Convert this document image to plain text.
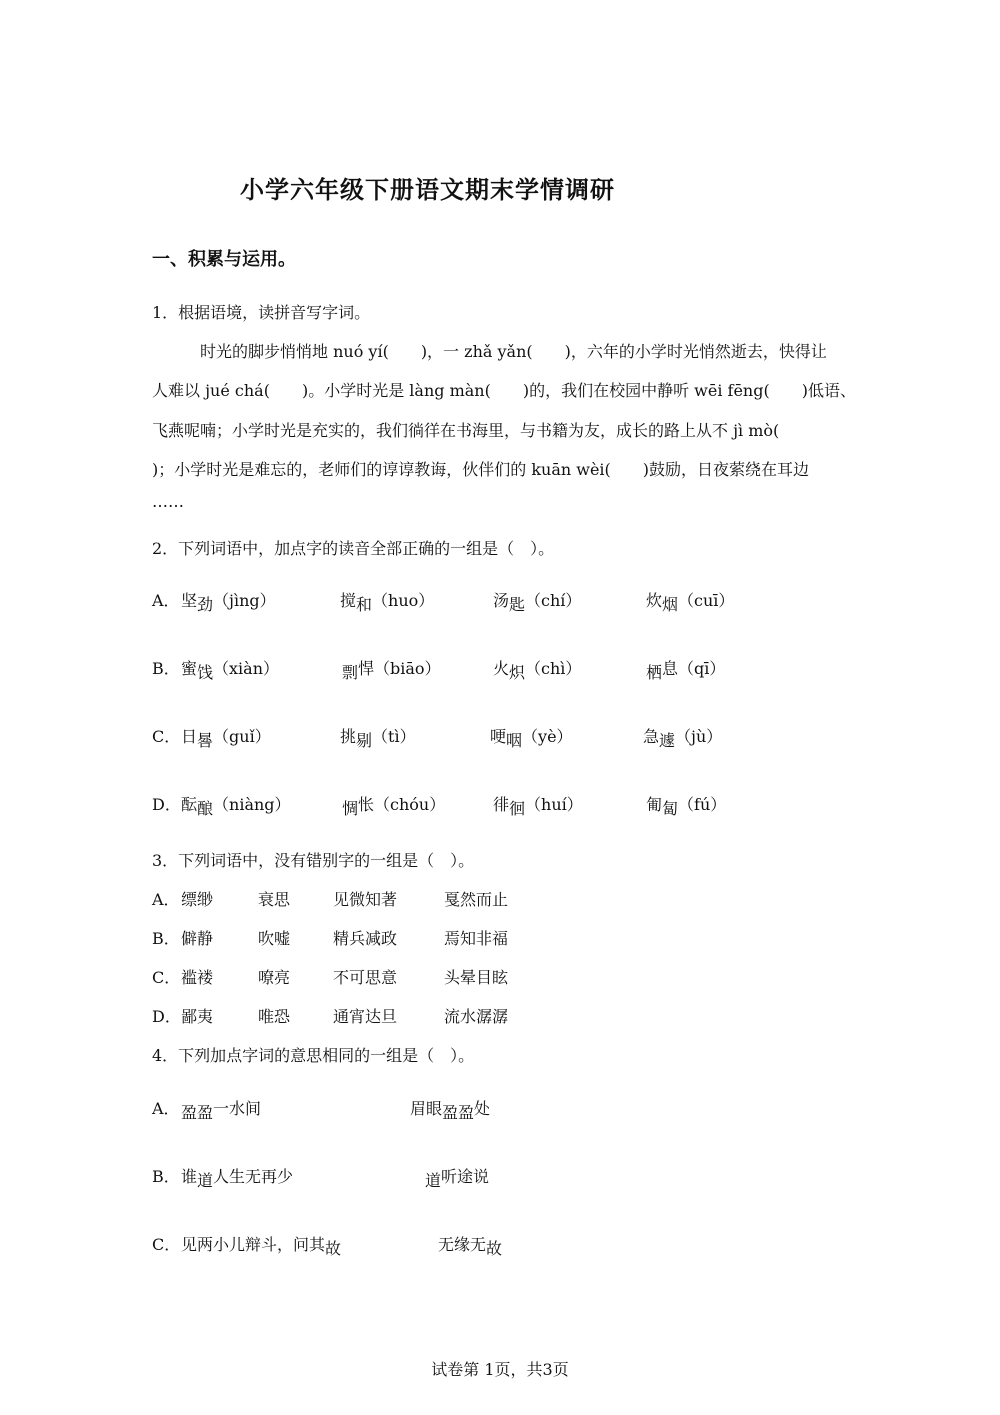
小学六年级下册语文期末学情调研
一、积累与运用。
1．根据语境，读拼音写字词。
时光的脚步悄悄地 nuó yí(　　)，一 zhǎ yǎn(　　)，六年的小学时光悄然逝去，快得让
人难以 jué chá(　　)。小学时光是 làng màn(　　)的，我们在校园中静听 wēi fēng(　　)低语、
飞燕呢喃；小学时光是充实的，我们徜徉在书海里，与书籍为友，成长的路上从不 jì mò(
)；小学时光是难忘的，老师们的谆谆教诲，伙伴们的 kuān wèi(　　)鼓励，日夜萦绕在耳边
……
2．下列词语中，加点字的读音全部正确的一组是（　）。
A． 坚劲（jìng）	搅和（huo）	汤匙（chí）	炊烟（cuī）
B． 蜜饯（xiàn）	剽悍（biāo）	火炽（chì）	栖息（qī）
C． 日晷（guǐ）	挑剔（tì）	哽咽（yè）	急遽（jù）
D． 酝酿（niàng）	惆怅（chóu）	徘徊（huí）	匍匐（fú）
3．下列词语中，没有错别字的一组是（　）。
A． 缥缈	衰思	见微知著	戛然而止
B． 僻静	吹嘘	精兵减政	焉知非福
C． 褴褛	嘹亮	不可思意	头晕目眩
D． 鄙夷	唯恐	通宵达旦	流水潺潺
4．下列加点字词的意思相同的一组是（　）。
A． 盈盈一水间	眉眼盈盈处
B． 谁道人生无再少	道听途说
C． 见两小儿辩斗，问其故	无缘无故
试卷第 1页，共3页
